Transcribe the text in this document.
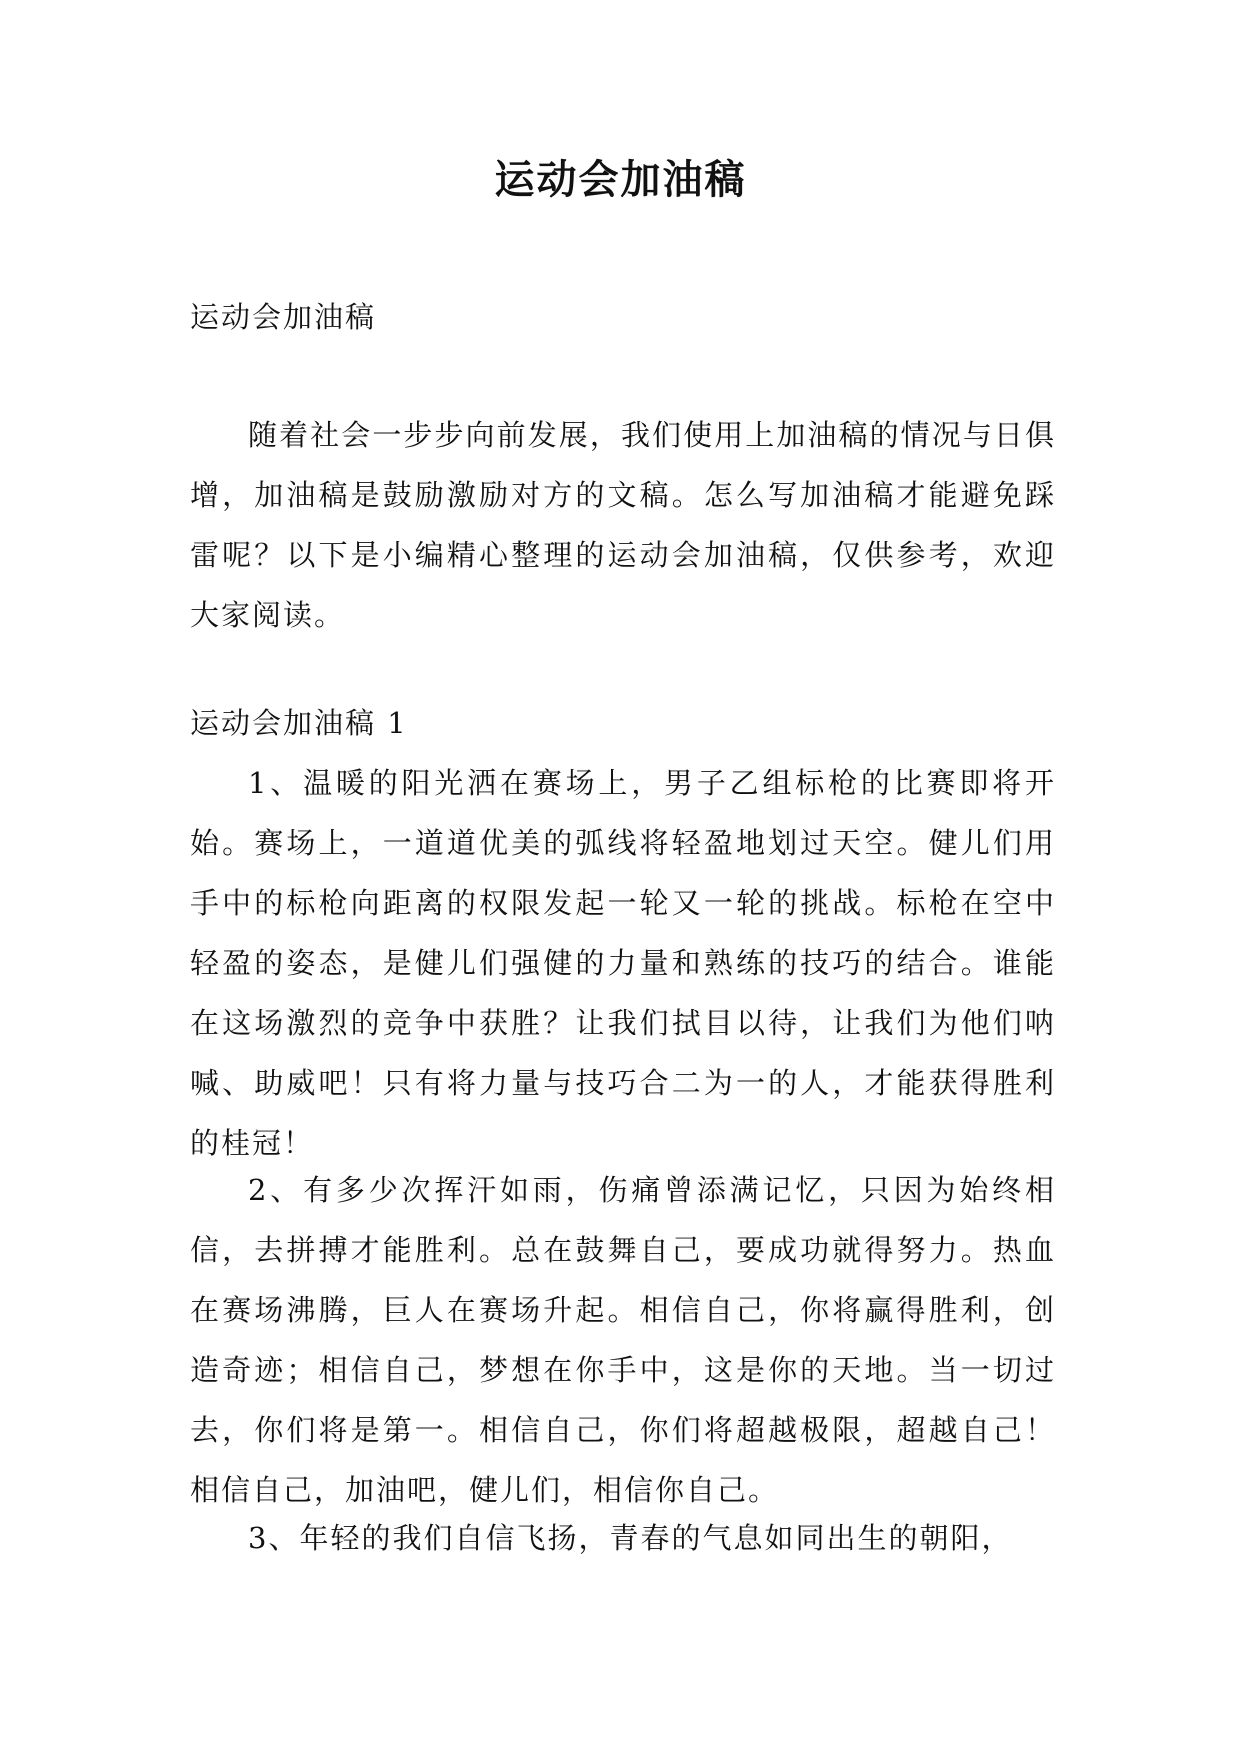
运动会加油稿

运动会加油稿

随着社会一步步向前发展，我们使用上加油稿的情况与日俱增，加油稿是鼓励激励对方的文稿。怎么写加油稿才能避免踩雷呢？以下是小编精心整理的运动会加油稿，仅供参考，欢迎大家阅读。

运动会加油稿 1

1、温暖的阳光洒在赛场上，男子乙组标枪的比赛即将开始。赛场上，一道道优美的弧线将轻盈地划过天空。健儿们用手中的标枪向距离的权限发起一轮又一轮的挑战。标枪在空中轻盈的姿态，是健儿们强健的力量和熟练的技巧的结合。谁能在这场激烈的竞争中获胜？让我们拭目以待，让我们为他们呐喊、助威吧！只有将力量与技巧合二为一的人，才能获得胜利的桂冠！

2、有多少次挥汗如雨，伤痛曾添满记忆，只因为始终相信，去拼搏才能胜利。总在鼓舞自己，要成功就得努力。热血在赛场沸腾，巨人在赛场升起。相信自己，你将赢得胜利，创造奇迹；相信自己，梦想在你手中，这是你的天地。当一切过去，你们将是第一。相信自己，你们将超越极限，超越自己！相信自己，加油吧，健儿们，相信你自己。

3、年轻的我们自信飞扬，青春的气息如同出生的朝阳，
